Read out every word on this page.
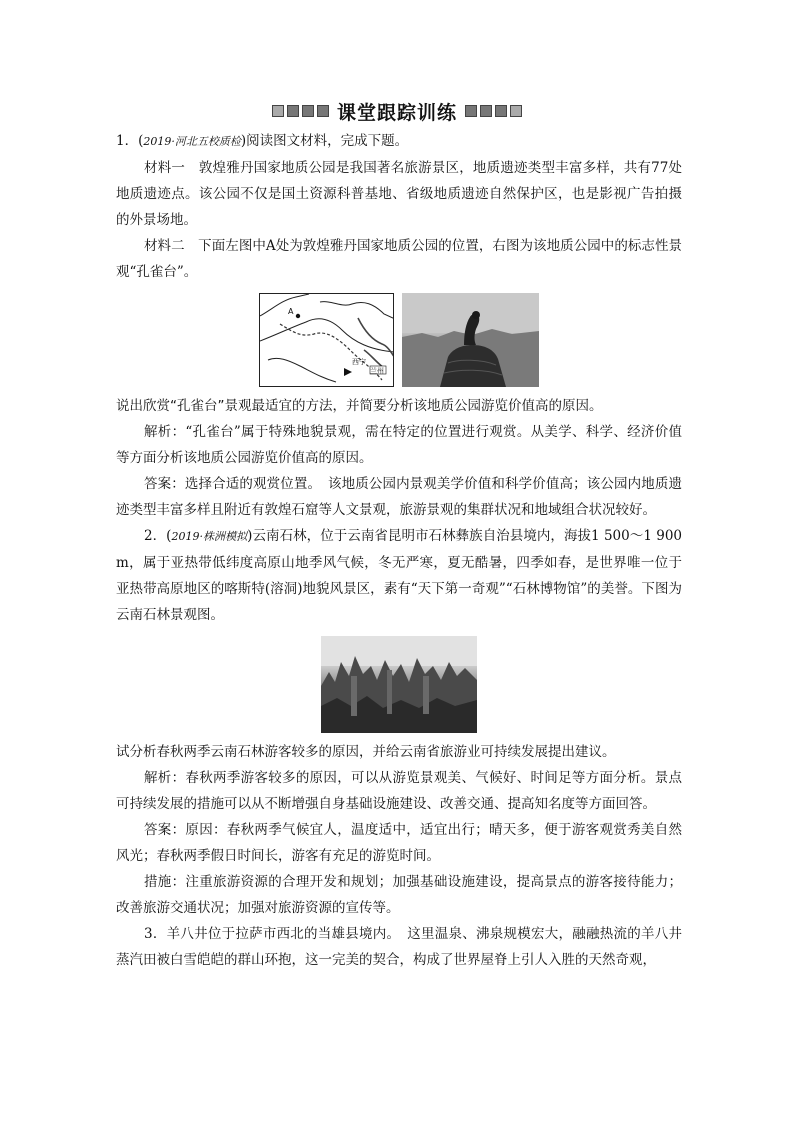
课堂跟踪训练

1．(2019·河北五校质检)阅读图文材料，完成下题。

材料一　敦煌雅丹国家地质公园是我国著名旅游景区，地质遗迹类型丰富多样，共有77处地质遗迹点。该公园不仅是国土资源科普基地、省级地质遗迹自然保护区，也是影视广告拍摄的外景场地。

材料二　下面左图中A处为敦煌雅丹国家地质公园的位置，右图为该地质公园中的标志性景观“孔雀台”。

A
西宁
兰州

说出欣赏“孔雀台”景观最适宜的方法，并简要分析该地质公园游览价值高的原因。

解析：“孔雀台”属于特殊地貌景观，需在特定的位置进行观赏。从美学、科学、经济价值等方面分析该地质公园游览价值高的原因。

答案：选择合适的观赏位置。　该地质公园内景观美学价值和科学价值高；该公园内地质遗迹类型丰富多样且附近有敦煌石窟等人文景观，旅游景观的集群状况和地域组合状况较好。

2．(2019·株洲模拟)云南石林，位于云南省昆明市石林彝族自治县境内，海拔1 500～1 900 m，属于亚热带低纬度高原山地季风气候，冬无严寒，夏无酷暑，四季如春，是世界唯一位于亚热带高原地区的喀斯特(溶洞)地貌风景区，素有“天下第一奇观”“石林博物馆”的美誉。下图为云南石林景观图。

试分析春秋两季云南石林游客较多的原因，并给云南省旅游业可持续发展提出建议。

解析：春秋两季游客较多的原因，可以从游览景观美、气候好、时间足等方面分析。景点可持续发展的措施可以从不断增强自身基础设施建设、改善交通、提高知名度等方面回答。

答案：原因：春秋两季气候宜人，温度适中，适宜出行；晴天多，便于游客观赏秀美自然风光；春秋两季假日时间长，游客有充足的游览时间。

措施：注重旅游资源的合理开发和规划；加强基础设施建设，提高景点的游客接待能力；改善旅游交通状况；加强对旅游资源的宣传等。

3．羊八井位于拉萨市西北的当雄县境内。　这里温泉、沸泉规模宏大，融融热流的羊八井蒸汽田被白雪皑皑的群山环抱，这一完美的契合，构成了世界屋脊上引人入胜的天然奇观，
